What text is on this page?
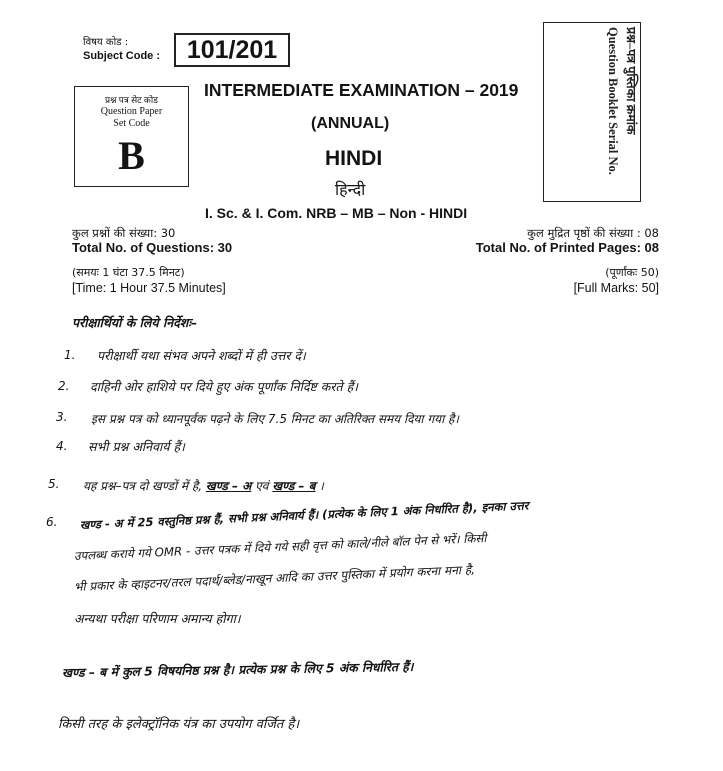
विषय कोड :
Subject Code : 101/201
प्रश्न पत्र सेट कोड
Question Paper
Set Code
B
प्रश्न–पत्र पुस्तिका क्रमांक
Question Booklet Serial No.
INTERMEDIATE EXAMINATION – 2019
(ANNUAL)
HINDI
हिन्दी
I. Sc. & I. Com. NRB – MB – Non - HINDI
कुल प्रश्नों की संख्या: 30
Total No. of Questions: 30
कुल मुद्रित पृष्ठों की संख्या : 08
Total No. of Printed Pages: 08
(समयः 1 घंटा 37.5 मिनट)
[Time: 1 Hour 37.5 Minutes]
(पूर्णांकः 50)
[Full Marks: 50]
परीक्षार्थियों के लिये निर्देशः–
1. परीक्षार्थी यथा संभव अपने शब्दों में ही उत्तर दें।
2. दाहिनी ओर हाशिये पर दिये हुए अंक पूर्णांक निर्दिष्ट करते हैं।
3. इस प्रश्न पत्र को ध्यानपूर्वक पढ़ने के लिए 7.5 मिनट का अतिरिक्त समय दिया गया है।
4. सभी प्रश्न अनिवार्य हैं।
5. यह प्रश्न–पत्र दो खण्डों में है, खण्ड – अ एवं खण्ड – ब ।
6. खण्ड - अ में 25 वस्तुनिष्ठ प्रश्न हैं, सभी प्रश्न अनिवार्य हैं। (प्रत्येक के लिए 1 अंक निर्धारित है), इनका उत्तर
उपलब्ध कराये गये OMR - उत्तर पत्रक में दिये गये सही वृत्त को काले/नीले बॉल पेन से भरें। किसी
भी प्रकार के व्हाइटनर/तरल पदार्थ/ब्लेड/नाखून आदि का उत्तर पुस्तिका में प्रयोग करना मना है,
अन्यथा परीक्षा परिणाम अमान्य होगा।
खण्ड – ब में कुल 5 विषयनिष्ठ प्रश्न है। प्रत्येक प्रश्न के लिए 5 अंक निर्धारित हैं।
किसी तरह के इलेक्ट्रॉनिक यंत्र का उपयोग वर्जित है।
